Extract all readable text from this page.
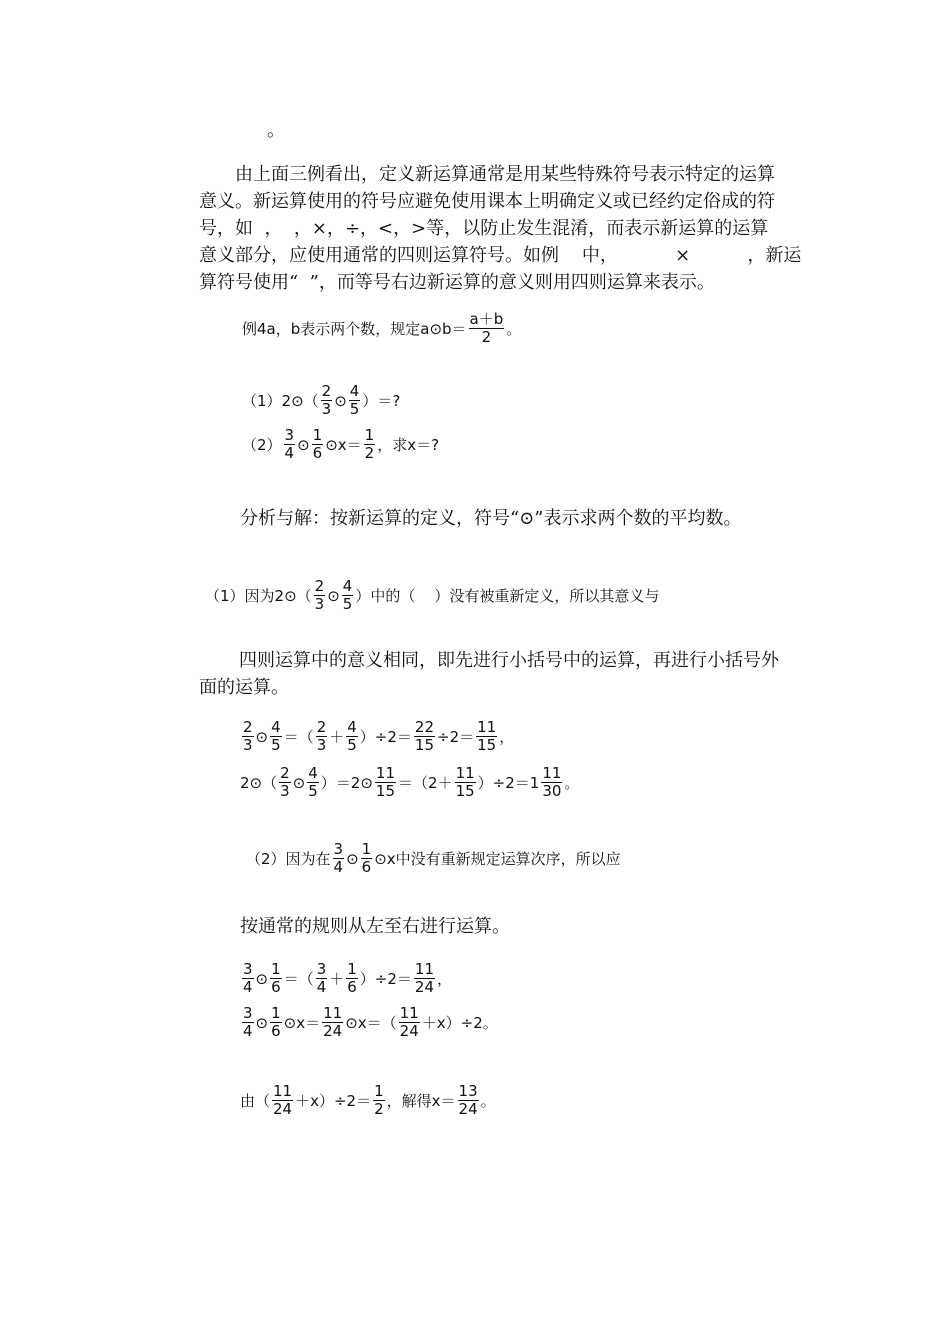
。

由上面三例看出，定义新运算通常是用某些特殊符号表示特定的运算

意义。新运算使用的符号应避免使用课本上明确定义或已经约定俗成的符

号，如  ，  ，×，÷，<，>等，以防止发生混淆，而表示新运算的运算

意义部分，应使用通常的四则运算符号。如例    中，          ×          ，新运

算符号使用“  ”，而等号右边新运算的意义则用四则运算来表示。

例4a，b表示两个数，规定a⊙b＝ $\frac{a+b}{2}$ 。
（1）2⊙（ $\frac{2}{3}$ ⊙ $\frac{4}{5}$ ）＝?
$(2) \frac{3}{4}$ ⊙ $\frac{1}{6}$ ⊙x＝ $\frac{1}{2}$ ，求x＝?
分析与解：按新运算的定义，符号“⊙”表示求两个数的平均数。
（1）因为2⊙（ $\frac{2}{3}$ ⊙ $\frac{4}{5}$ ）中的（    ）没有被重新定义，所以其意义与

四则运算中的意义相同，即先进行小括号中的运算，再进行小括号外

面的运算。

$\frac{2}{3}$ ⊙ $\frac{4}{5}$ ＝（ $\frac{2}{3} + \frac{4}{5} )\div 2= \frac{22}{15} \div 2= \frac{11}{15}$ ，
2⊙（ $\frac{2}{3}$ ⊙ $\frac{4}{5}$ ）＝2⊙ $\frac{11}{15} =(2+ \frac{11}{15} )\div 2=1 \frac{11}{30}$ 。
（2）因为在 $\frac{3}{4}$ ⊙ $\frac{1}{6}$ ⊙x中没有重新规定运算次序，所以应
按通常的规则从左至右进行运算。
$\frac{3}{4}$ ⊙ $\frac{1}{6}$ ＝（ $\frac{3}{4} + \frac{1}{6} )\div 2= \frac{11}{24}$ ，
$\frac{3}{4}$ ⊙ $\frac{1}{6}$ ⊙x＝ $\frac{11}{24}$ ⊙x＝（ $\frac{11}{24} +x)\div 2$。
由（ $\frac{11}{24} +x)\div 2= \frac{1}{2}$ ，解得$x= \frac{13}{24}$ 。
